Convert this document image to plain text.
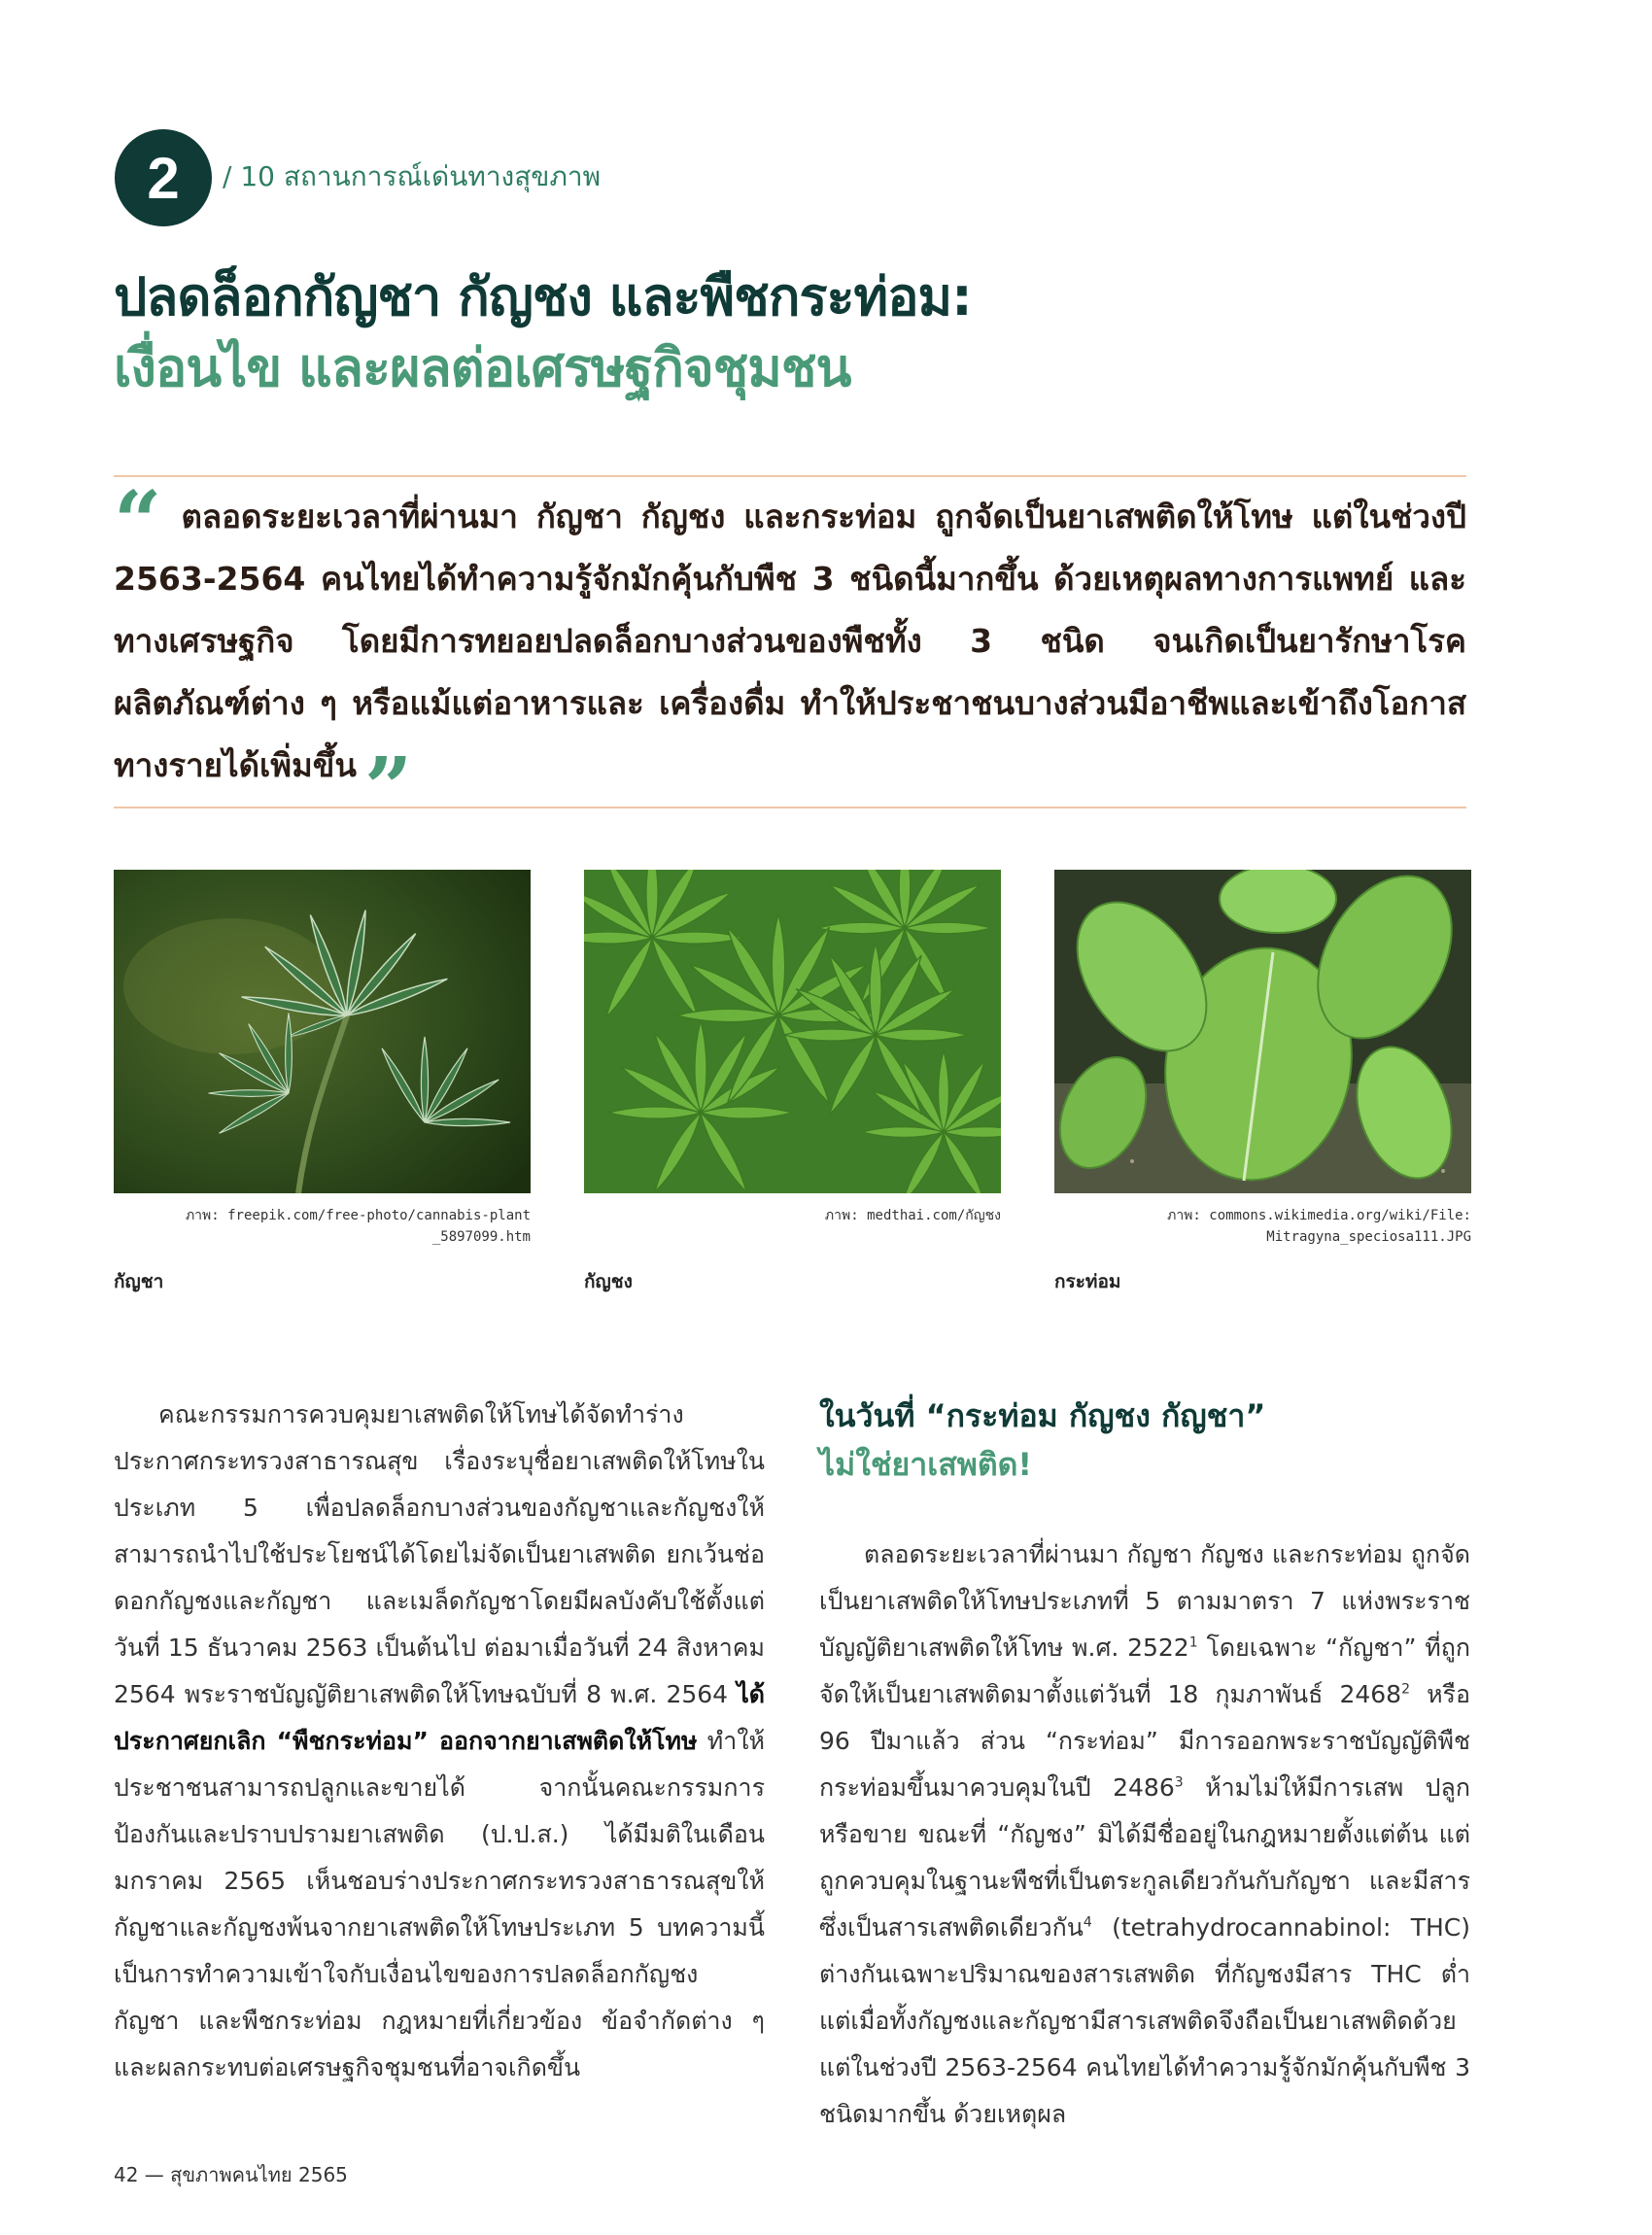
2 / 10 สถานการณ์เด่นทางสุขภาพ
ปลดล็อกกัญชา กัญชง และพืชกระท่อม:
เงื่อนไข และผลต่อเศรษฐกิจชุมชน
“ ตลอดระยะเวลาที่ผ่านมา กัญชา กัญชง และกระท่อม ถูกจัดเป็นยาเสพติดให้โทษ แต่ในช่วงปี 2563-2564 คนไทยได้ทำความรู้จักมักคุ้นกับพืช 3 ชนิดนี้มากขึ้น ด้วยเหตุผลทางการแพทย์ และทางเศรษฐกิจ โดยมีการทยอยปลดล็อกบางส่วนของพืชทั้ง 3 ชนิด จนเกิดเป็นยารักษาโรค ผลิตภัณฑ์ต่าง ๆ หรือแม้แต่อาหารและ เครื่องดื่ม ทำให้ประชาชนบางส่วนมีอาชีพและเข้าถึงโอกาสทางรายได้เพิ่มขึ้น”
ภาพ: freepik.com/free-photo/cannabis-plant
_5897099.htm
ภาพ: medthai.com/กัญชง	ภาพ: commons.wikimedia.org/wiki/File:
Mitragyna_speciosa111.JPG
กัญชา	กัญชง	กระท่อม

คณะกรรมการควบคุมยาเสพติดให้โทษได้จัดทำร่างประกาศกระทรวงสาธารณสุข เรื่องระบุชื่อยาเสพติดให้โทษในประเภท 5 เพื่อปลดล็อกบางส่วนของกัญชาและกัญชงให้สามารถนำไปใช้ประโยชน์ได้โดยไม่จัดเป็นยาเสพติด ยกเว้นช่อดอกกัญชงและกัญชา และเมล็ดกัญชาโดยมีผลบังคับใช้ตั้งแต่วันที่ 15 ธันวาคม 2563 เป็นต้นไป ต่อมาเมื่อวันที่ 24 สิงหาคม 2564 พระราชบัญญัติยาเสพติดให้โทษฉบับที่ 8 พ.ศ. 2564 ได้ประกาศยกเลิก “พืชกระท่อม” ออกจากยาเสพติดให้โทษ ทำให้ประชาชนสามารถปลูกและขายได้ จากนั้นคณะกรรมการป้องกันและปราบปรามยาเสพติด (ป.ป.ส.) ได้มีมติในเดือนมกราคม 2565 เห็นชอบร่างประกาศกระทรวงสาธารณสุขให้กัญชาและกัญชงพ้นจากยาเสพติดให้โทษประเภท 5 บทความนี้เป็นการทำความเข้าใจกับเงื่อนไขของการปลดล็อกกัญชง กัญชา และพืชกระท่อม กฎหมายที่เกี่ยวข้อง ข้อจำกัดต่าง ๆ และผลกระทบต่อเศรษฐกิจชุมชนที่อาจเกิดขึ้น

ในวันที่ “กระท่อม กัญชง กัญชา”
ไม่ใช่ยาเสพติด!

ตลอดระยะเวลาที่ผ่านมา กัญชา กัญชง และกระท่อม ถูกจัดเป็นยาเสพติดให้โทษประเภทที่ 5 ตามมาตรา 7 แห่งพระราชบัญญัติยาเสพติดให้โทษ พ.ศ. 2522$^1$ โดยเฉพาะ “กัญชา” ที่ถูกจัดให้เป็นยาเสพติดมาตั้งแต่วันที่ 18 กุมภาพันธ์ 2468$^2$ หรือ 96 ปีมาแล้ว ส่วน “กระท่อม” มีการออกพระราชบัญญัติพืชกระท่อมขึ้นมาควบคุมในปี 2486$^3$ ห้ามไม่ให้มีการเสพ ปลูกหรือขาย ขณะที่ “กัญชง” มิได้มีชื่ออยู่ในกฎหมายตั้งแต่ต้น แต่ถูกควบคุมในฐานะพืชที่เป็นตระกูลเดียวกันกับกัญชา และมีสารซึ่งเป็นสารเสพติดเดียวกัน$^4$ (tetrahydrocannabinol: THC) ต่างกันเฉพาะปริมาณของสารเสพติด ที่กัญชงมีสาร THC ต่ำ แต่เมื่อทั้งกัญชงและกัญชามีสารเสพติดจึงถือเป็นยาเสพติดด้วย แต่ในช่วงปี 2563-2564 คนไทยได้ทำความรู้จักมักคุ้นกับพืช 3 ชนิดมากขึ้น ด้วยเหตุผล

42 — สุขภาพคนไทย 2565
